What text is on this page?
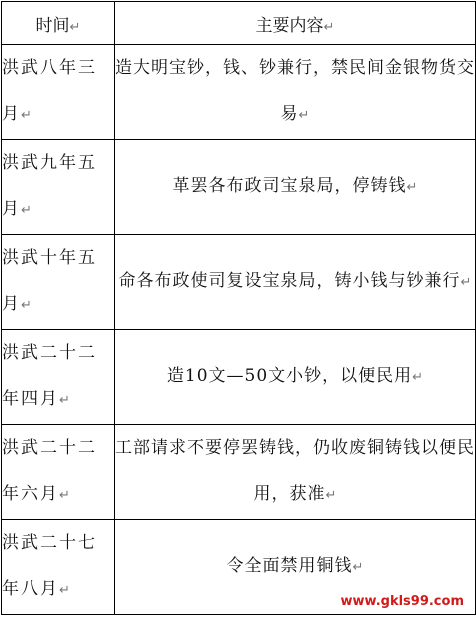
时间↵	主要内容↵
洪武八年三月↵	造大明宝钞，钱、钞兼行，禁民间金银物货交易↵
洪武九年五月↵	革罢各布政司宝泉局，停铸钱↵
洪武十年五月↵	命各布政使司复设宝泉局，铸小钱与钞兼行↵
洪武二十二年四月↵	造10文—50文小钞，以便民用↵
洪武二十二年六月↵	工部请求不要停罢铸钱，仍收废铜铸钱以便民用，获准↵
洪武二十七年八月↵	令全面禁用铜钱↵
www.gkls99.com
